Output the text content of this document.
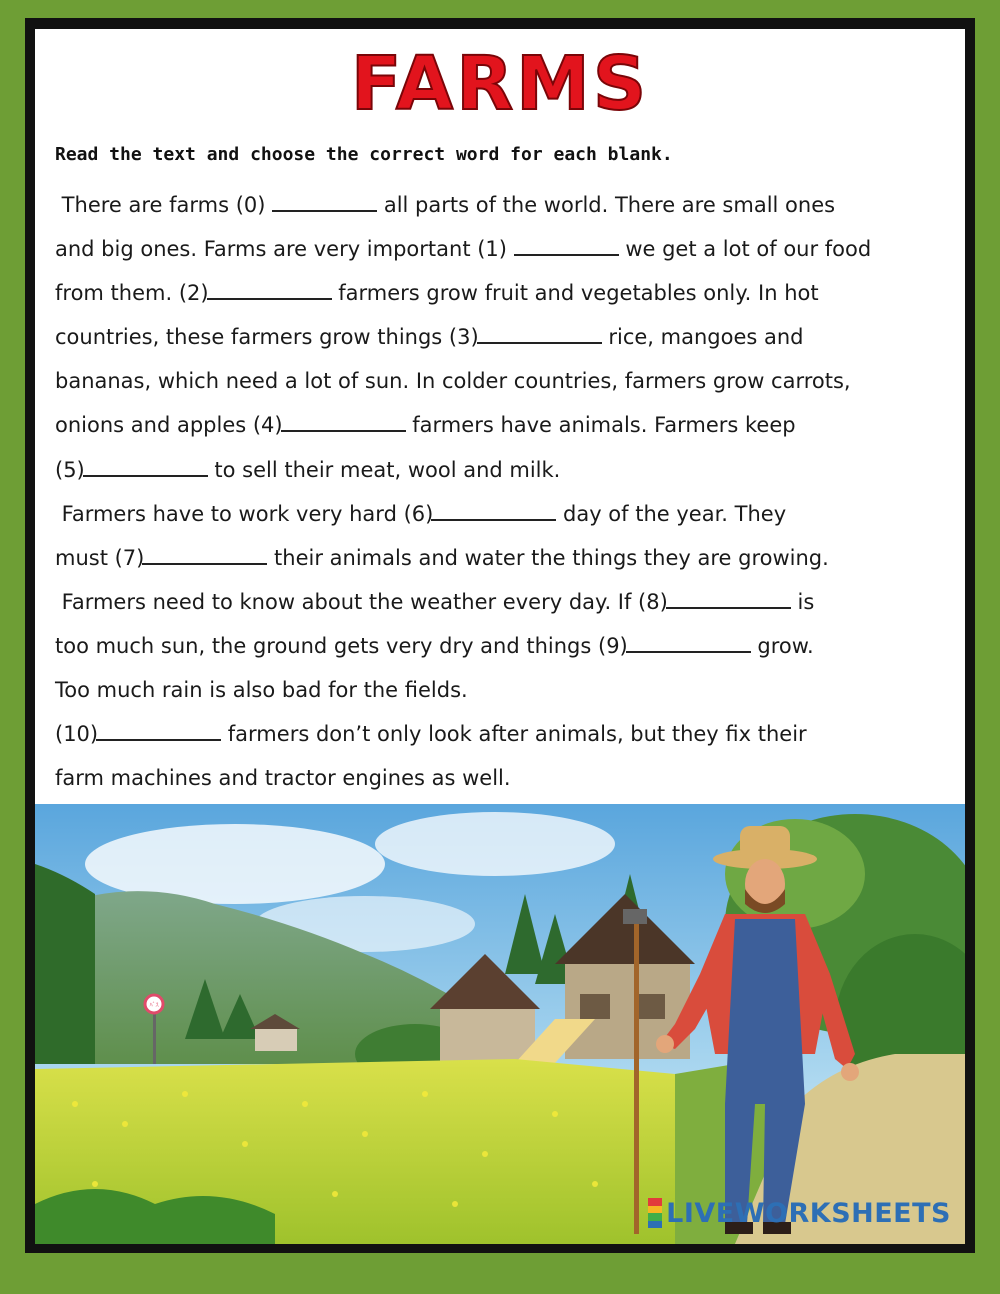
FARMS

Read the text and choose the correct word for each blank.

There are farms (0)	all parts of the world. There are small ones
and big ones. Farms are very important (1)	we get a lot of our food
from them. (2)	farmers grow fruit and vegetables only. In hot
countries, these farmers grow things (3)	rice, mangoes and
bananas, which need a lot of sun. In colder countries, farmers grow carrots,
onions and apples (4)	farmers have animals. Farmers keep
(5)	to sell their meat, wool and milk.
Farmers have to work very hard (6)	day of the year. They
must (7)	their animals and water the things they are growing.
Farmers need to know about the weather every day. If (8)	is
too much sun, the ground gets very dry and things (9)	grow.
Too much rain is also bad for the fields.
(10)	farmers don’t only look after animals, but they fix their
farm machines and tractor engines as well.
ﾊﾞｽ
LIVEWORKSHEETS
